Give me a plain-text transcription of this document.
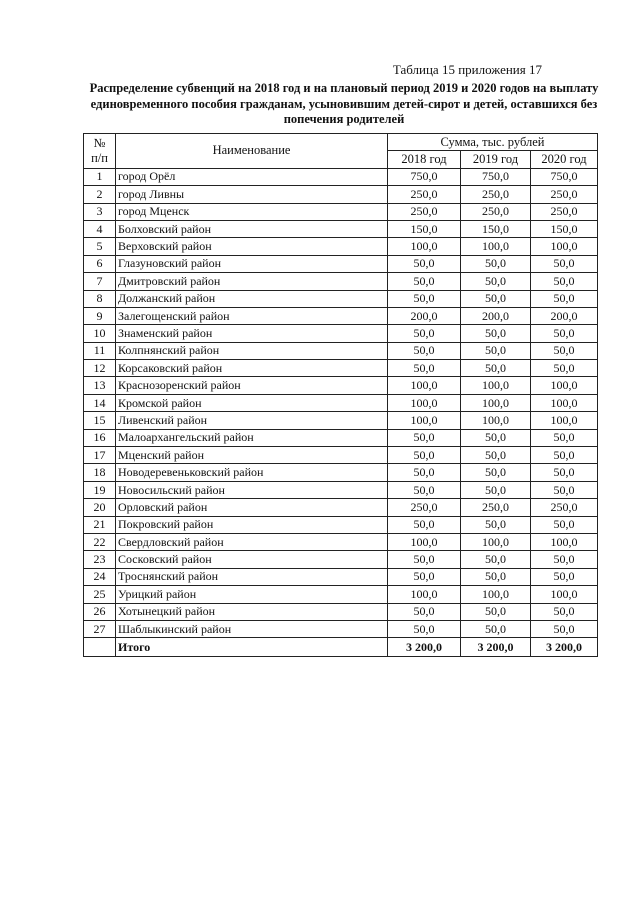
Таблица 15 приложения 17
Распределение субвенций на 2018 год и на плановый период 2019 и 2020 годов на выплату единовременного пособия гражданам, усыновившим детей-сирот и детей, оставшихся без попечения родителей
№
п/п	Наименование	Сумма, тыс. рублей		
		2018 год	2019 год	2020 год
1	город Орёл	750,0	750,0	750,0
2	город Ливны	250,0	250,0	250,0
3	город Мценск	250,0	250,0	250,0
4	Болховский район	150,0	150,0	150,0
5	Верховский район	100,0	100,0	100,0
6	Глазуновский район	50,0	50,0	50,0
7	Дмитровский район	50,0	50,0	50,0
8	Должанский район	50,0	50,0	50,0
9	Залегощенский район	200,0	200,0	200,0
10	Знаменский район	50,0	50,0	50,0
11	Колпнянский район	50,0	50,0	50,0
12	Корсаковский район	50,0	50,0	50,0
13	Краснозоренский район	100,0	100,0	100,0
14	Кромской район	100,0	100,0	100,0
15	Ливенский район	100,0	100,0	100,0
16	Малоархангельский район	50,0	50,0	50,0
17	Мценский район	50,0	50,0	50,0
18	Новодеревеньковский район	50,0	50,0	50,0
19	Новосильский район	50,0	50,0	50,0
20	Орловский район	250,0	250,0	250,0
21	Покровский район	50,0	50,0	50,0
22	Свердловский район	100,0	100,0	100,0
23	Сосковский район	50,0	50,0	50,0
24	Троснянский район	50,0	50,0	50,0
25	Урицкий район	100,0	100,0	100,0
26	Хотынецкий район	50,0	50,0	50,0
27	Шаблыкинский район	50,0	50,0	50,0
	Итого	3 200,0	3 200,0	3 200,0
